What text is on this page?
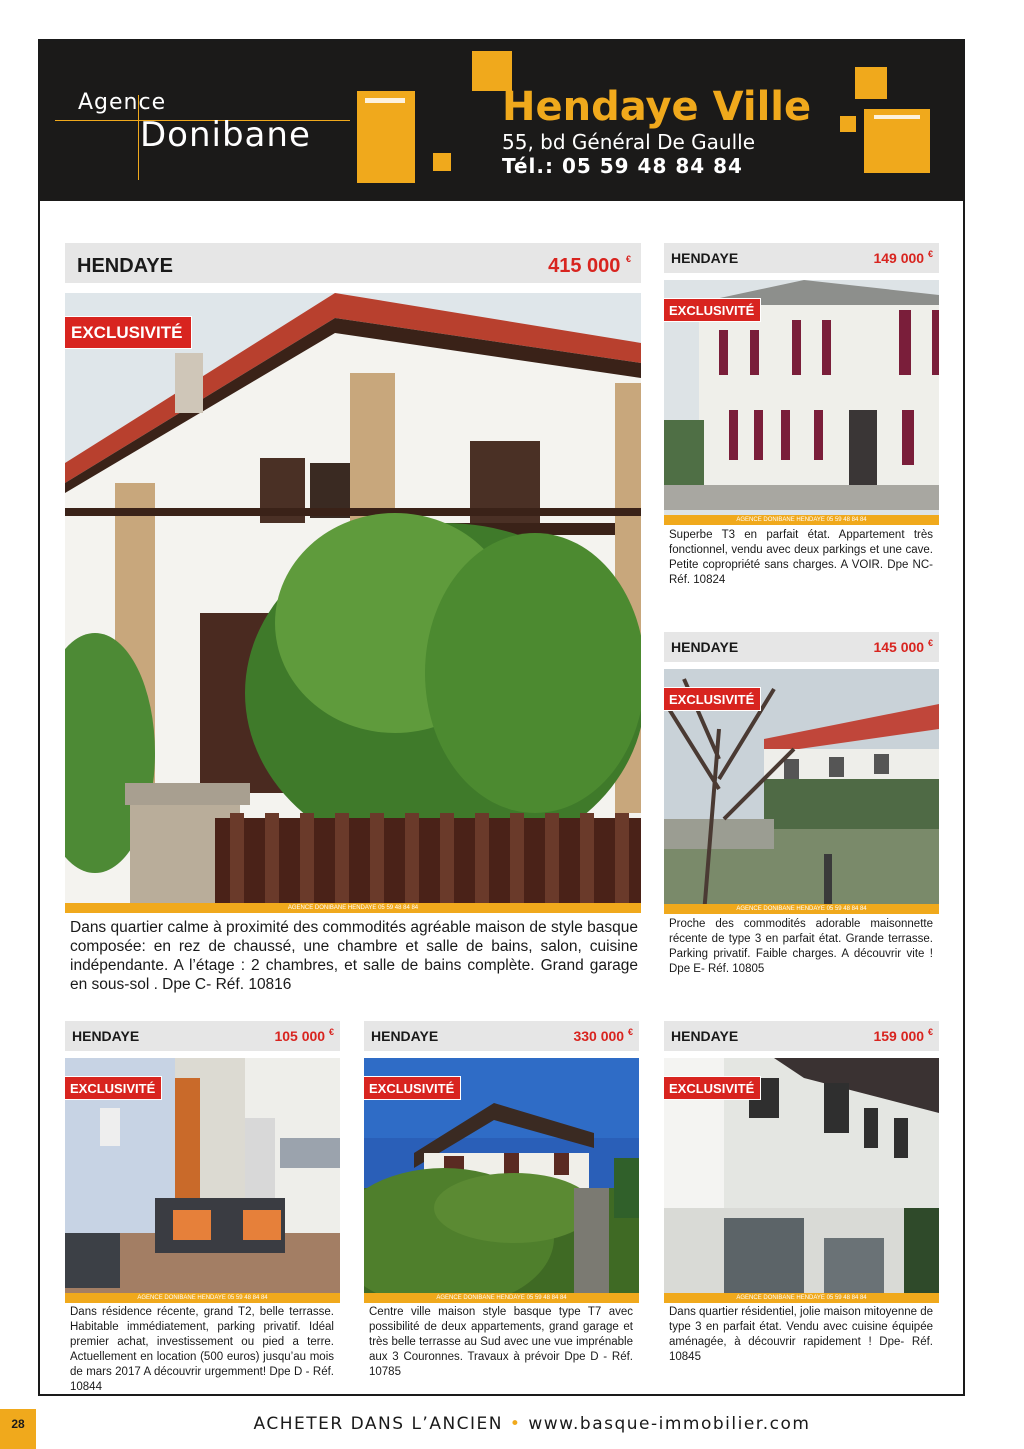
Agence
Donibane
Hendaye Ville
55, bd Général De Gaulle
Tél.: 05 59 48 84 84
HENDAYE	415 000 €
EXCLUSIVITÉ
AGENCE DONIBANE HENDAYE 05 59 48 84 84
Dans quartier calme à proximité des commodités agréable maison de style basque composée: en rez de chaussé, une chambre et salle de bains, salon, cuisine indépendante. A l’étage : 2 chambres, et salle de bains complète. Grand garage en sous-sol . Dpe C- Réf. 10816
HENDAYE	149 000 €
EXCLUSIVITÉ
AGENCE DONIBANE HENDAYE 05 59 48 84 84
Superbe T3 en parfait état. Appartement très fonctionnel, vendu avec deux parkings et une cave. Petite copropriété sans charges. A VOIR. Dpe NC- Réf. 10824
HENDAYE	145 000 €
EXCLUSIVITÉ
AGENCE DONIBANE HENDAYE 05 59 48 84 84
Proche des commodités adorable maisonnette récente de type 3 en parfait état. Grande terrasse. Parking privatif. Faible charges. A découvrir vite ! Dpe E- Réf. 10805
HENDAYE	105 000 €
EXCLUSIVITÉ
AGENCE DONIBANE HENDAYE 05 59 48 84 84
Dans résidence récente, grand T2, belle terrasse. Habitable immédiatement, parking privatif. Idéal premier achat, investissement ou pied a terre. Actuellement en location (500 euros) jusqu’au mois de mars 2017 A découvrir urgemment! Dpe D - Réf. 10844
HENDAYE	330 000 €
EXCLUSIVITÉ
AGENCE DONIBANE HENDAYE 05 59 48 84 84
Centre ville maison style basque type T7 avec possibilité de deux appartements, grand garage et très belle terrasse au Sud avec une vue imprénable aux 3 Couronnes. Travaux à prévoir Dpe D - Réf. 10785
HENDAYE	159 000 €
EXCLUSIVITÉ
AGENCE DONIBANE HENDAYE 05 59 48 84 84
Dans quartier résidentiel, jolie maison mitoyenne de type 3 en parfait état. Vendu avec cuisine équipée aménagée, à découvrir rapidement ! Dpe- Réf. 10845
28	ACHETER DANS L’ANCIEN • www.basque-immobilier.com
